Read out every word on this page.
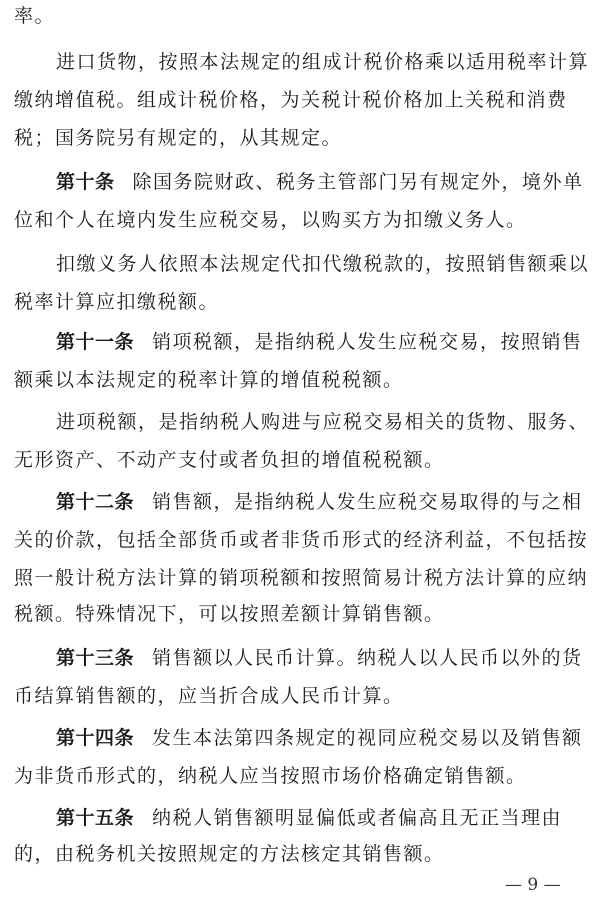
率。
进口货物，按照本法规定的组成计税价格乘以适用税率计算
缴纳增值税。组成计税价格，为关税计税价格加上关税和消费
税；国务院另有规定的，从其规定。
第十条 除国务院财政、税务主管部门另有规定外，境外单
位和个人在境内发生应税交易，以购买方为扣缴义务人。
扣缴义务人依照本法规定代扣代缴税款的，按照销售额乘以
税率计算应扣缴税额。
第十一条 销项税额，是指纳税人发生应税交易，按照销售
额乘以本法规定的税率计算的增值税税额。
进项税额，是指纳税人购进与应税交易相关的货物、服务、
无形资产、不动产支付或者负担的增值税税额。
第十二条 销售额，是指纳税人发生应税交易取得的与之相
关的价款，包括全部货币或者非货币形式的经济利益，不包括按
照一般计税方法计算的销项税额和按照简易计税方法计算的应纳
税额。特殊情况下，可以按照差额计算销售额。
第十三条 销售额以人民币计算。纳税人以人民币以外的货
币结算销售额的，应当折合成人民币计算。
第十四条 发生本法第四条规定的视同应税交易以及销售额
为非货币形式的，纳税人应当按照市场价格确定销售额。
第十五条 纳税人销售额明显偏低或者偏高且无正当理由
的，由税务机关按照规定的方法核定其销售额。
— 9 —
